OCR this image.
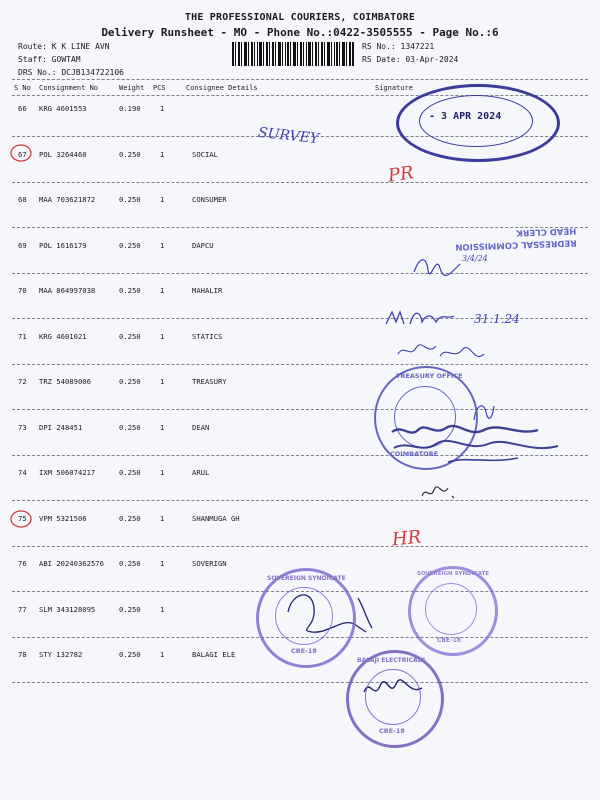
THE PROFESSIONAL COURIERS, COIMBATORE
Delivery Runsheet - MO - Phone No.:0422-3505555 - Page No.:6
Route: K K LINE AVN
Staff: GOWTAM
DRS No.: DCJB134722106
RS No.: 1347221
RS Date: 03-Apr-2024
S No Consignment No	Weight PCS	Consignee Details	Signature
66 KRG 4601553	0.190	1
67 POL 3264460	0.250	1	SOCIAL
68 MAA 703621872	0.250	1	CONSUMER
69 POL 1616179	0.250	1	DAPCU
70 MAA 864997038	0.250	1	MAHALIR
71 KRG 4601021	0.250	1	STATICS
72 TRZ 54089006	0.250	1	TREASURY
73 DPI 248451	0.250	1	DEAN
74 IXM 506074217	0.250	1	ARUL
75 VPM 5321506	0.250	1	SHANMUGA GH
76 ABI 20240362576 0.250	1	SOVERIGN
77 SLM 343128095	0.250	1
78 STY 132782	0.250	1	BALAGI ELE
SURVEY
PR
HR
3/4/24
31.1.24
- 3 APR 2024
REDRESSAL COMMISSION
HEAD CLERK
TREASURY OFFICE
COIMBATORE
SOVEREIGN SYNDICATE
CBE-18
SOVEREIGN SYNDICATE
CBE-18
BALAJI ELECTRICALS
CBE-18
